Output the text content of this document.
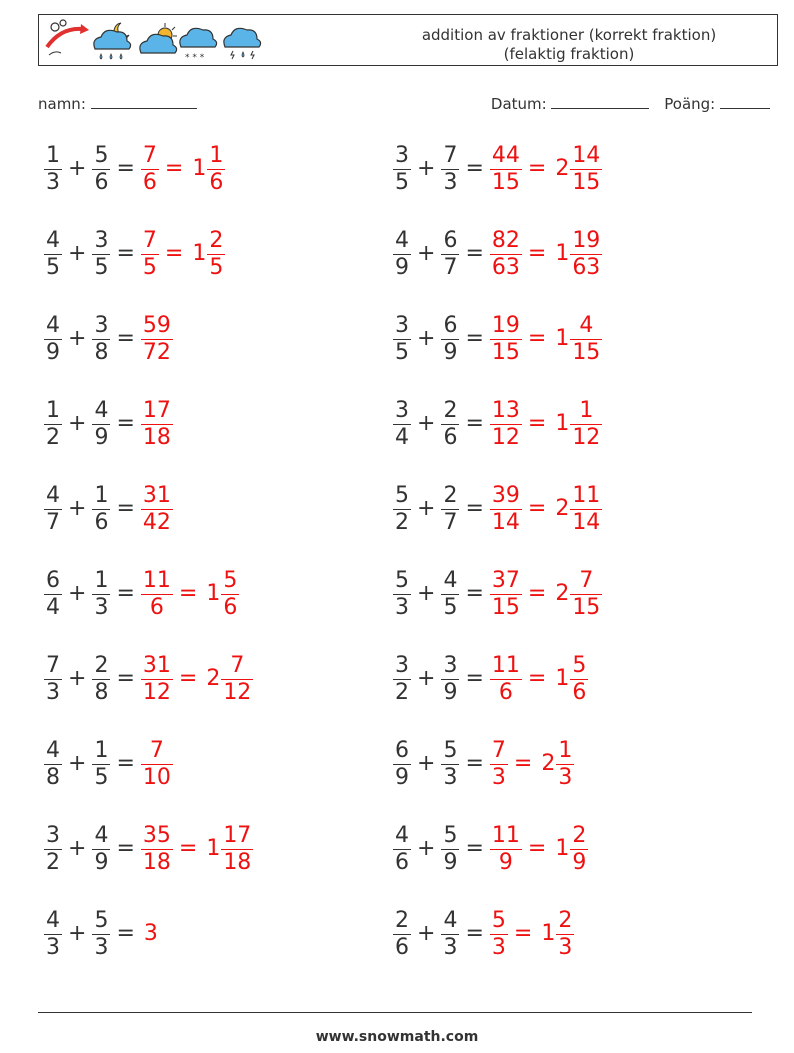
* * *
addition av fraktioner (korrekt fraktion)
(felaktig fraktion)
namn:	Datum:	Poäng:
$\frac{1}{3} + \frac{5}{6} = \frac{7}{6} = 1 \frac{1}{6}$
$\frac{4}{5} + \frac{3}{5} = \frac{7}{5} = 1 \frac{2}{5}$
$\frac{4}{9} + \frac{3}{8} = \frac{59}{72}$
$\frac{1}{2} + \frac{4}{9} = \frac{17}{18}$
$\frac{4}{7} + \frac{1}{6} = \frac{31}{42}$
$\frac{6}{4} + \frac{1}{3} = \frac{11}{6} = 1 \frac{5}{6}$
$\frac{7}{3} + \frac{2}{8} = \frac{31}{12} = 2 \frac{7}{12}$
$\frac{4}{8} + \frac{1}{5} = \frac{7}{10}$
$\frac{3}{2} + \frac{4}{9} = \frac{35}{18} = 1 \frac{17}{18}$
$\frac{4}{3} + \frac{5}{3} = 3$
$\frac{3}{5} + \frac{7}{3} = \frac{44}{15} = 2 \frac{14}{15}$
$\frac{4}{9} + \frac{6}{7} = \frac{82}{63} = 1 \frac{19}{63}$
$\frac{3}{5} + \frac{6}{9} = \frac{19}{15} = 1 \frac{4}{15}$
$\frac{3}{4} + \frac{2}{6} = \frac{13}{12} = 1 \frac{1}{12}$
$\frac{5}{2} + \frac{2}{7} = \frac{39}{14} = 2 \frac{11}{14}$
$\frac{5}{3} + \frac{4}{5} = \frac{37}{15} = 2 \frac{7}{15}$
$\frac{3}{2} + \frac{3}{9} = \frac{11}{6} = 1 \frac{5}{6}$
$\frac{6}{9} + \frac{5}{3} = \frac{7}{3} = 2 \frac{1}{3}$
$\frac{4}{6} + \frac{5}{9} = \frac{11}{9} = 1 \frac{2}{9}$
$\frac{2}{6} + \frac{4}{3} = \frac{5}{3} = 1 \frac{2}{3}$
www.snowmath.com
